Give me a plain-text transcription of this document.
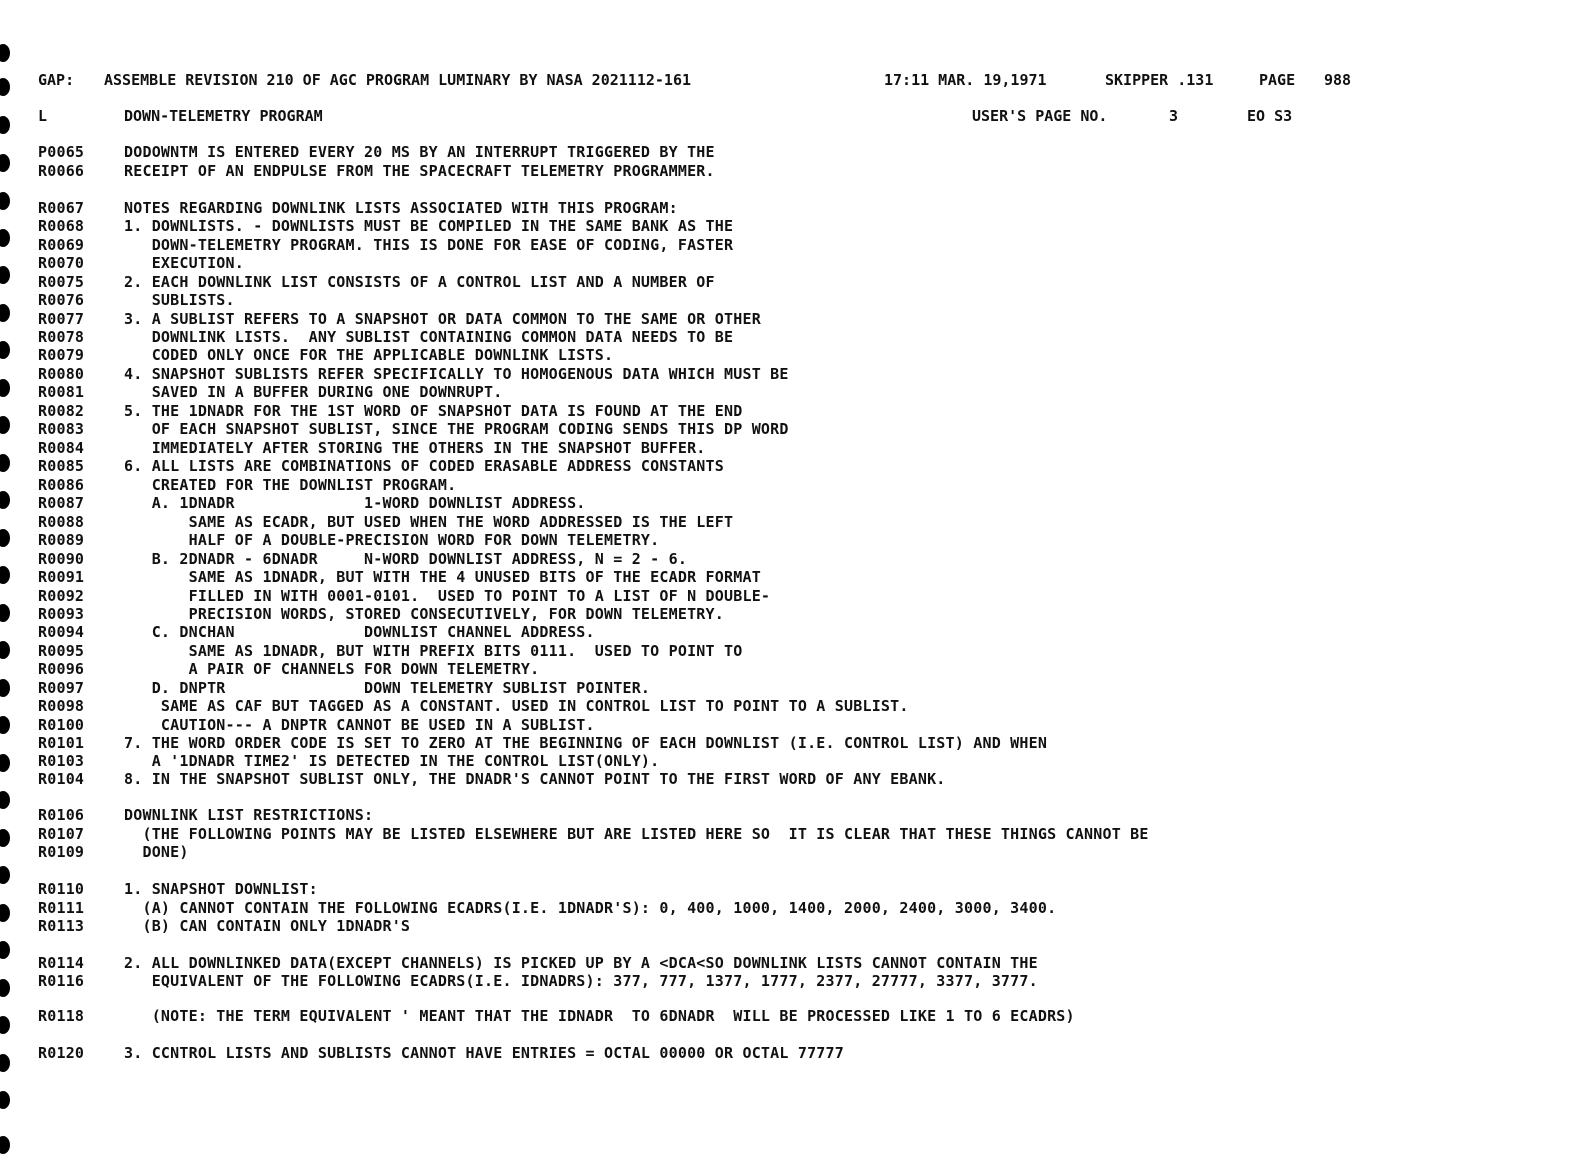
GAP:

ASSEMBLE REVISION 210 OF AGC PROGRAM LUMINARY BY NASA 2021112-161

	17:11 MAR. 19,1971

	SKIPPER .131

	PAGE

988

L

	DOWN-TELEMETRY PROGRAM

	USER'S PAGE NO.

	3

	EO S3

P0065	DODOWNTM IS ENTERED EVERY 20 MS BY AN INTERRUPT TRIGGERED BY THE
R0066	RECEIPT OF AN ENDPULSE FROM THE SPACECRAFT TELEMETRY PROGRAMMER.
R0067	NOTES REGARDING DOWNLINK LISTS ASSOCIATED WITH THIS PROGRAM:
R0068	1. DOWNLISTS. - DOWNLISTS MUST BE COMPILED IN THE SAME BANK AS THE
R0069	DOWN-TELEMETRY PROGRAM. THIS IS DONE FOR EASE OF CODING, FASTER
R0070	EXECUTION.
R0075	2. EACH DOWNLINK LIST CONSISTS OF A CONTROL LIST AND A NUMBER OF
R0076	SUBLISTS.
R0077	3. A SUBLIST REFERS TO A SNAPSHOT OR DATA COMMON TO THE SAME OR OTHER
R0078	DOWNLINK LISTS.  ANY SUBLIST CONTAINING COMMON DATA NEEDS TO BE
R0079	CODED ONLY ONCE FOR THE APPLICABLE DOWNLINK LISTS.
R0080	4. SNAPSHOT SUBLISTS REFER SPECIFICALLY TO HOMOGENOUS DATA WHICH MUST BE
R0081	SAVED IN A BUFFER DURING ONE DOWNRUPT.
R0082	5. THE 1DNADR FOR THE 1ST WORD OF SNAPSHOT DATA IS FOUND AT THE END
R0083	OF EACH SNAPSHOT SUBLIST, SINCE THE PROGRAM CODING SENDS THIS DP WORD
R0084	IMMEDIATELY AFTER STORING THE OTHERS IN THE SNAPSHOT BUFFER.
R0085	6. ALL LISTS ARE COMBINATIONS OF CODED ERASABLE ADDRESS CONSTANTS
R0086	CREATED FOR THE DOWNLIST PROGRAM.
R0087	A. 1DNADR              1-WORD DOWNLIST ADDRESS.
R0088	SAME AS ECADR, BUT USED WHEN THE WORD ADDRESSED IS THE LEFT
R0089	HALF OF A DOUBLE-PRECISION WORD FOR DOWN TELEMETRY.
R0090	B. 2DNADR - 6DNADR     N-WORD DOWNLIST ADDRESS, N = 2 - 6.
R0091	SAME AS 1DNADR, BUT WITH THE 4 UNUSED BITS OF THE ECADR FORMAT
R0092	FILLED IN WITH 0001-0101.  USED TO POINT TO A LIST OF N DOUBLE-
R0093	PRECISION WORDS, STORED CONSECUTIVELY, FOR DOWN TELEMETRY.
R0094	C. DNCHAN              DOWNLIST CHANNEL ADDRESS.
R0095	SAME AS 1DNADR, BUT WITH PREFIX BITS 0111.  USED TO POINT TO
R0096	A PAIR OF CHANNELS FOR DOWN TELEMETRY.
R0097	D. DNPTR               DOWN TELEMETRY SUBLIST POINTER.
R0098	SAME AS CAF BUT TAGGED AS A CONSTANT. USED IN CONTROL LIST TO POINT TO A SUBLIST.
R0100	CAUTION--- A DNPTR CANNOT BE USED IN A SUBLIST.
R0101	7. THE WORD ORDER CODE IS SET TO ZERO AT THE BEGINNING OF EACH DOWNLIST (I.E. CONTROL LIST) AND WHEN
R0103	A '1DNADR TIME2' IS DETECTED IN THE CONTROL LIST(ONLY).
R0104	8. IN THE SNAPSHOT SUBLIST ONLY, THE DNADR'S CANNOT POINT TO THE FIRST WORD OF ANY EBANK.
R0106	DOWNLINK LIST RESTRICTIONS:
R0107	(THE FOLLOWING POINTS MAY BE LISTED ELSEWHERE BUT ARE LISTED HERE SO  IT IS CLEAR THAT THESE THINGS CANNOT BE
R0109	DONE)
R0110	1. SNAPSHOT DOWNLIST:
R0111	(A) CANNOT CONTAIN THE FOLLOWING ECADRS(I.E. 1DNADR'S): 0, 400, 1000, 1400, 2000, 2400, 3000, 3400.
R0113	(B) CAN CONTAIN ONLY 1DNADR'S
R0114	2. ALL DOWNLINKED DATA(EXCEPT CHANNELS) IS PICKED UP BY A <DCA<SO DOWNLINK LISTS CANNOT CONTAIN THE
R0116	EQUIVALENT OF THE FOLLOWING ECADRS(I.E. IDNADRS): 377, 777, 1377, 1777, 2377, 27777, 3377, 3777.
R0118	(NOTE: THE TERM EQUIVALENT ' MEANT THAT THE IDNADR  TO 6DNADR  WILL BE PROCESSED LIKE 1 TO 6 ECADRS)
R0120	3. CCNTROL LISTS AND SUBLISTS CANNOT HAVE ENTRIES = OCTAL 00000 OR OCTAL 77777
